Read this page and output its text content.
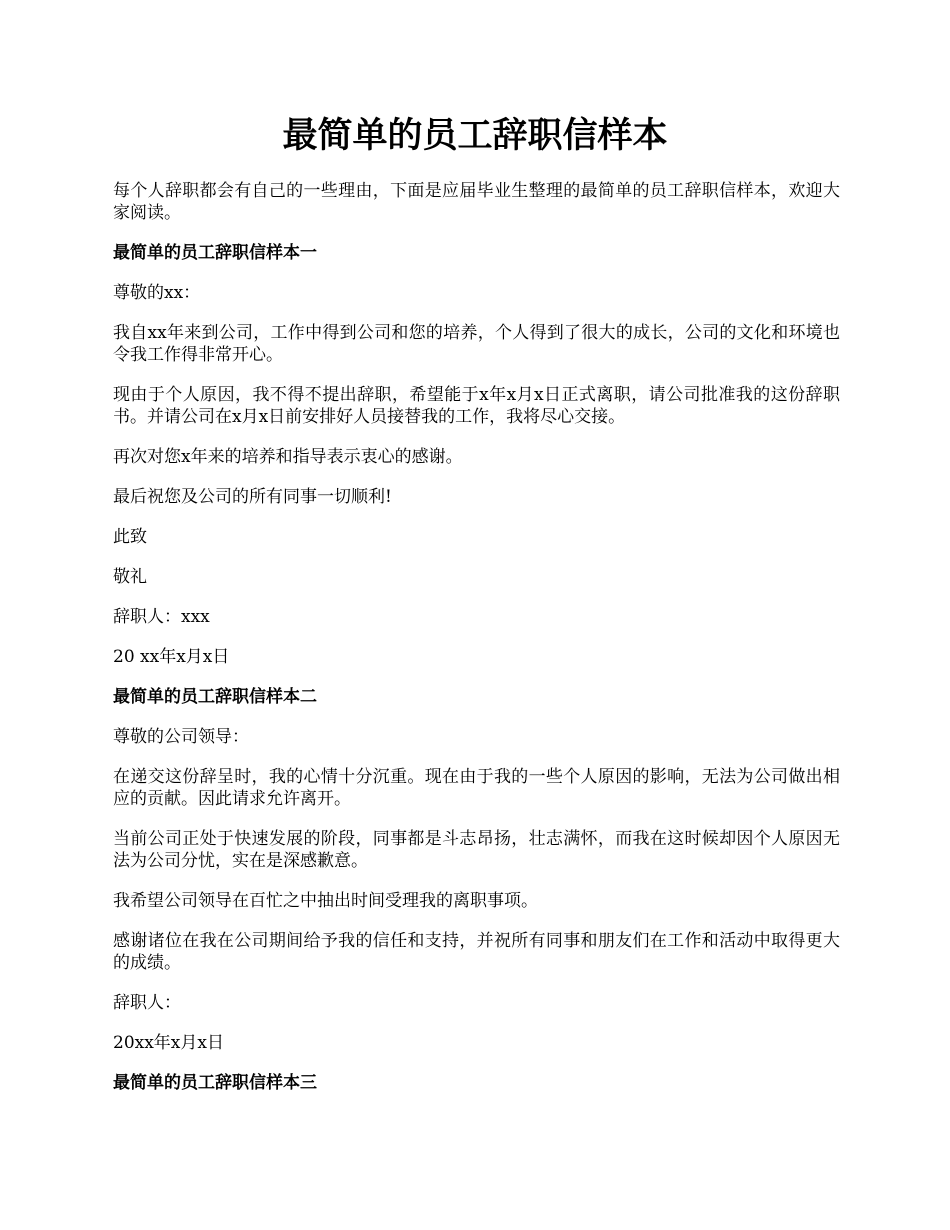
最简单的员工辞职信样本

每个人辞职都会有自己的一些理由，下面是应届毕业生整理的最简单的员工辞职信样本，欢迎大家阅读。

最简单的员工辞职信样本一

尊敬的xx：

我自xx年来到公司，工作中得到公司和您的培养，个人得到了很大的成长，公司的文化和环境也令我工作得非常开心。

现由于个人原因，我不得不提出辞职，希望能于x年x月x日正式离职，请公司批准我的这份辞职书。并请公司在x月x日前安排好人员接替我的工作，我将尽心交接。

再次对您x年来的培养和指导表示衷心的感谢。

最后祝您及公司的所有同事一切顺利!

此致

敬礼

辞职人：xxx

20 xx年x月x日

最简单的员工辞职信样本二

尊敬的公司领导：

在递交这份辞呈时，我的心情十分沉重。现在由于我的一些个人原因的影响，无法为公司做出相应的贡献。因此请求允许离开。

当前公司正处于快速发展的阶段，同事都是斗志昂扬，壮志满怀，而我在这时候却因个人原因无法为公司分忧，实在是深感歉意。

我希望公司领导在百忙之中抽出时间受理我的离职事项。

感谢诸位在我在公司期间给予我的信任和支持，并祝所有同事和朋友们在工作和活动中取得更大的成绩。

辞职人：

20xx年x月x日

最简单的员工辞职信样本三
